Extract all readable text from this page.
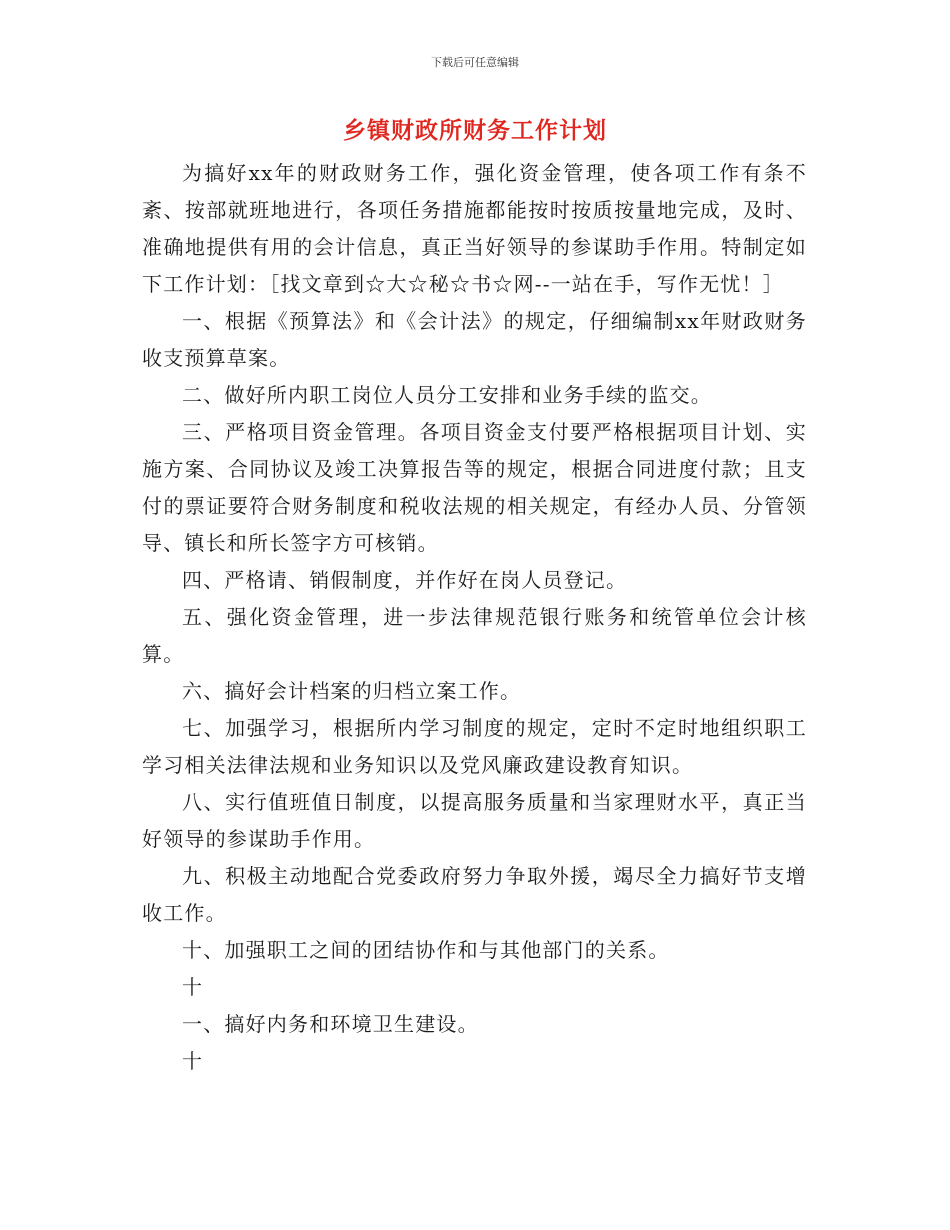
下载后可任意编辑
乡镇财政所财务工作计划

为搞好xx年的财政财务工作，强化资金管理，使各项工作有条不紊、按部就班地进行，各项任务措施都能按时按质按量地完成，及时、准确地提供有用的会计信息，真正当好领导的参谋助手作用。特制定如下工作计划：［找文章到☆大☆秘☆书☆网--一站在手，写作无忧！］

一、根据《预算法》和《会计法》的规定，仔细编制xx年财政财务收支预算草案。

二、做好所内职工岗位人员分工安排和业务手续的监交。

三、严格项目资金管理。各项目资金支付要严格根据项目计划、实施方案、合同协议及竣工决算报告等的规定，根据合同进度付款；且支付的票证要符合财务制度和税收法规的相关规定，有经办人员、分管领导、镇长和所长签字方可核销。

四、严格请、销假制度，并作好在岗人员登记。

五、强化资金管理，进一步法律规范银行账务和统管单位会计核算。

六、搞好会计档案的归档立案工作。

七、加强学习，根据所内学习制度的规定，定时不定时地组织职工学习相关法律法规和业务知识以及党风廉政建设教育知识。

八、实行值班值日制度，以提高服务质量和当家理财水平，真正当好领导的参谋助手作用。

九、积极主动地配合党委政府努力争取外援，竭尽全力搞好节支增收工作。

十、加强职工之间的团结协作和与其他部门的关系。

十

一、搞好内务和环境卫生建设。

十
